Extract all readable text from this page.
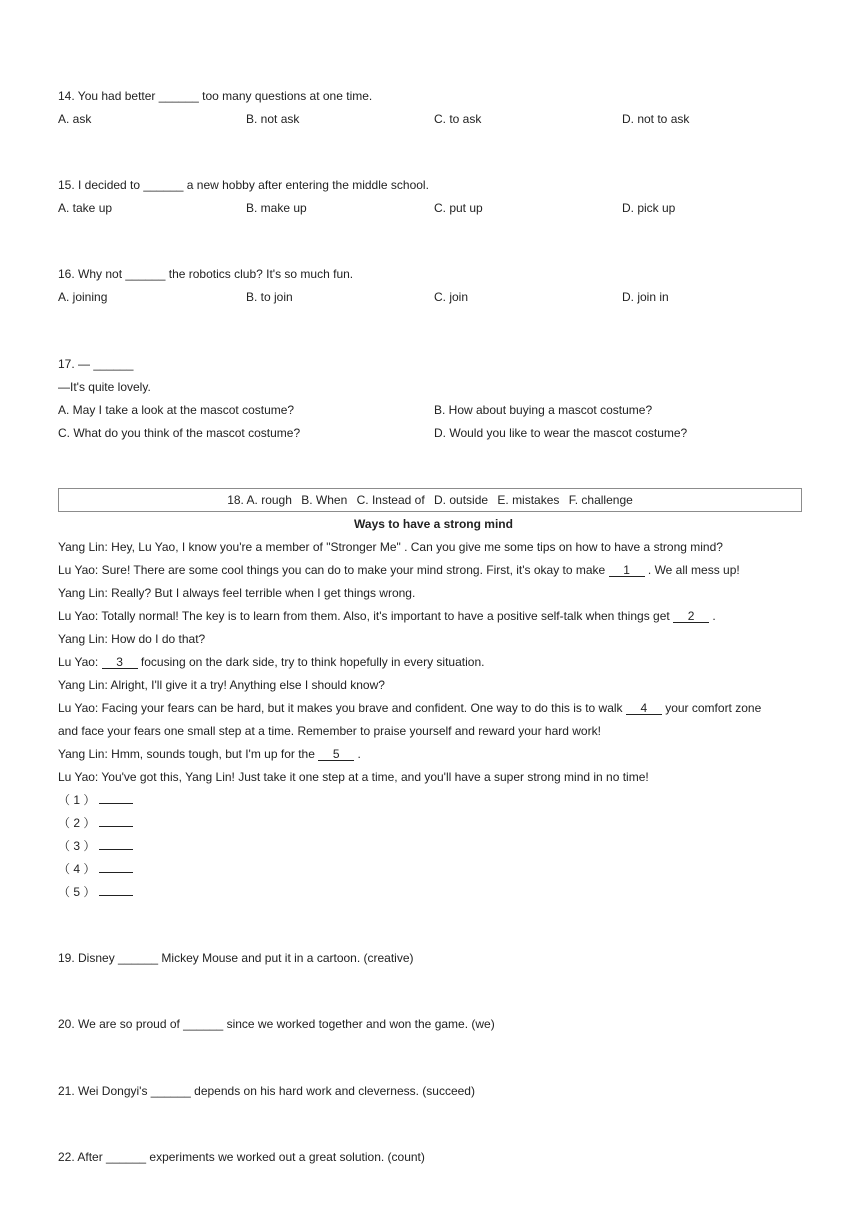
14. You had better ______ too many questions at one time.
A. ask	B. not ask	C. to ask	D. not to ask
15. I decided to ______ a new hobby after entering the middle school.
A. take up	B. make up	C. put up	D. pick up
16. Why not ______ the robotics club? It's so much fun.
A. joining	B. to join	C. join	D. join in
17. — ______
—It's quite lovely.
A. May I take a look at the mascot costume?	B. How about buying a mascot costume?
C. What do you think of the mascot costume?	D. Would you like to wear the mascot costume?
18. A. rough B. When C. Instead of D. outside E. mistakes F. challenge
Ways to have a strong mind
Yang Lin: Hey, Lu Yao, I know you're a member of "Stronger Me" . Can you give me some tips on how to have a strong mind?
Lu Yao: Sure! There are some cool things you can do to make your mind strong. First, it's okay to make 1 . We all mess up!
Yang Lin: Really? But I always feel terrible when I get things wrong.
Lu Yao: Totally normal! The key is to learn from them. Also, it's important to have a positive self-talk when things get 2 .
Yang Lin: How do I do that?
Lu Yao: 3 focusing on the dark side, try to think hopefully in every situation.
Yang Lin: Alright, I'll give it a try! Anything else I should know?
Lu Yao: Facing your fears can be hard, but it makes you brave and confident. One way to do this is to walk 4 your comfort zone
and face your fears one small step at a time. Remember to praise yourself and reward your hard work!
Yang Lin: Hmm, sounds tough, but I'm up for the 5 .
Lu Yao: You've got this, Yang Lin! Just take it one step at a time, and you'll have a super strong mind in no time!
（ 1 ）
（ 2 ）
（ 3 ）
（ 4 ）
（ 5 ）
19. Disney ______ Mickey Mouse and put it in a cartoon. (creative)
20. We are so proud of ______ since we worked together and won the game. (we)
21. Wei Dongyi's ______ depends on his hard work and cleverness. (succeed)
22. After ______ experiments we worked out a great solution. (count)
